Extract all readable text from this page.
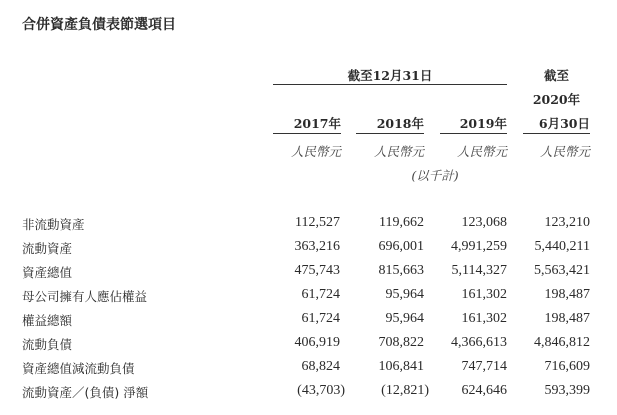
合併資產負債表節選項目
截至12月31日	截至
2020年
2017年	2018年	2019年	6月30日
人民幣元	人民幣元	人民幣元	人民幣元
(以千計)
非流動資產	112,527	119,662	123,068	123,210
流動資產	363,216	696,001	4,991,259	5,440,211
資產總值	475,743	815,663	5,114,327	5,563,421
母公司擁有人應佔權益	61,724	95,964	161,302	198,487
權益總額	61,724	95,964	161,302	198,487
流動負債	406,919	708,822	4,366,613	4,846,812
資產總值減流動負債	68,824	106,841	747,714	716,609
流動資產／(負債) 淨額	(43,703)	(12,821)	624,646	593,399
